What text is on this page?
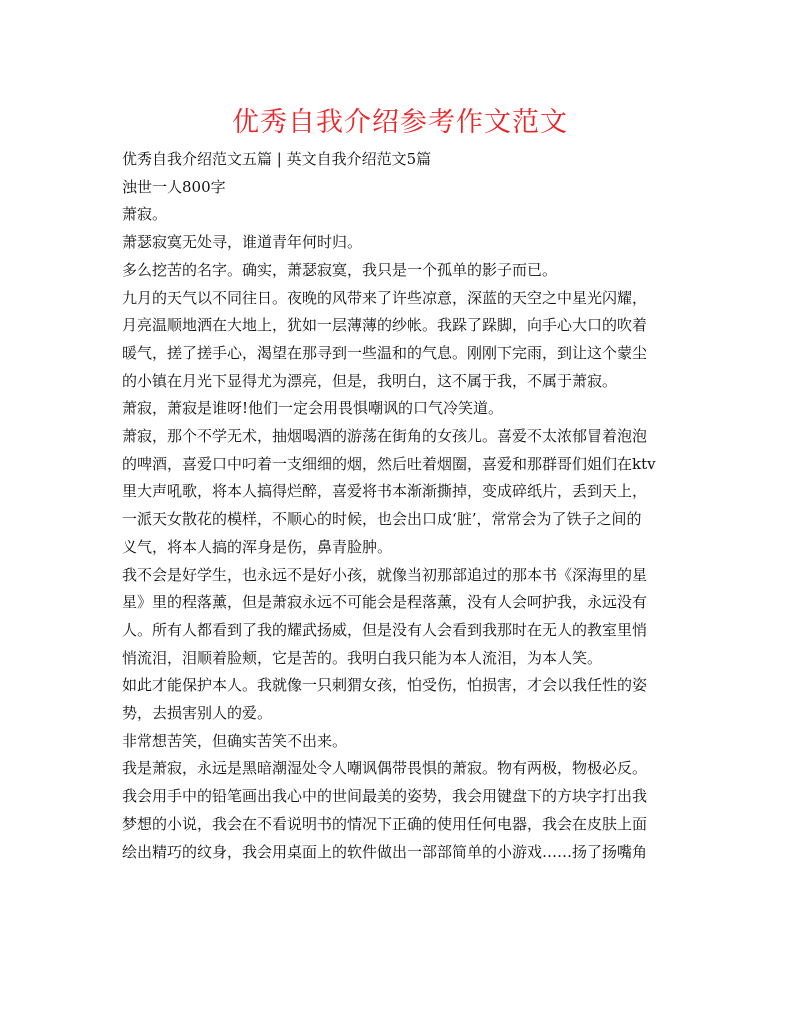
优秀自我介绍参考作文范文

优秀自我介绍范文五篇 | 英文自我介绍范文5篇

浊世一人800字

萧寂。

萧瑟寂寞无处寻，谁道青年何时归。

多么挖苦的名字。确实，萧瑟寂寞，我只是一个孤单的影子而已。

九月的天气以不同往日。夜晚的风带来了许些凉意，深蓝的天空之中星光闪耀，

月亮温顺地洒在大地上，犹如一层薄薄的纱帐。我跺了跺脚，向手心大口的吹着

暖气，搓了搓手心，渴望在那寻到一些温和的气息。刚刚下完雨，到让这个蒙尘

的小镇在月光下显得尤为漂亮，但是，我明白，这不属于我，不属于萧寂。

萧寂，萧寂是谁呀!他们一定会用畏惧嘲讽的口气冷笑道。

萧寂，那个不学无术，抽烟喝酒的游荡在街角的女孩儿。喜爱不太浓郁冒着泡泡

的啤酒，喜爱口中叼着一支细细的烟，然后吐着烟圈，喜爱和那群哥们姐们在ktv

里大声吼歌，将本人搞得烂醉，喜爱将书本渐渐撕掉，变成碎纸片，丢到天上，

一派天女散花的模样，不顺心的时候，也会出口成‘脏’，常常会为了铁子之间的

义气，将本人搞的浑身是伤，鼻青脸肿。

我不会是好学生，也永远不是好小孩，就像当初那部追过的那本书《深海里的星

星》里的程落薰，但是萧寂永远不可能会是程落薰，没有人会呵护我，永远没有

人。所有人都看到了我的耀武扬威，但是没有人会看到我那时在无人的教室里悄

悄流泪，泪顺着脸颊，它是苦的。我明白我只能为本人流泪，为本人笑。

如此才能保护本人。我就像一只刺猬女孩，怕受伤，怕损害，才会以我任性的姿

势，去损害别人的爱。

非常想苦笑，但确实苦笑不出来。

我是萧寂，永远是黑暗潮湿处令人嘲讽偶带畏惧的萧寂。物有两极，物极必反。

我会用手中的铅笔画出我心中的世间最美的姿势，我会用键盘下的方块字打出我

梦想的小说，我会在不看说明书的情况下正确的使用任何电器，我会在皮肤上面

绘出精巧的纹身，我会用桌面上的软件做出一部部简单的小游戏……扬了扬嘴角
